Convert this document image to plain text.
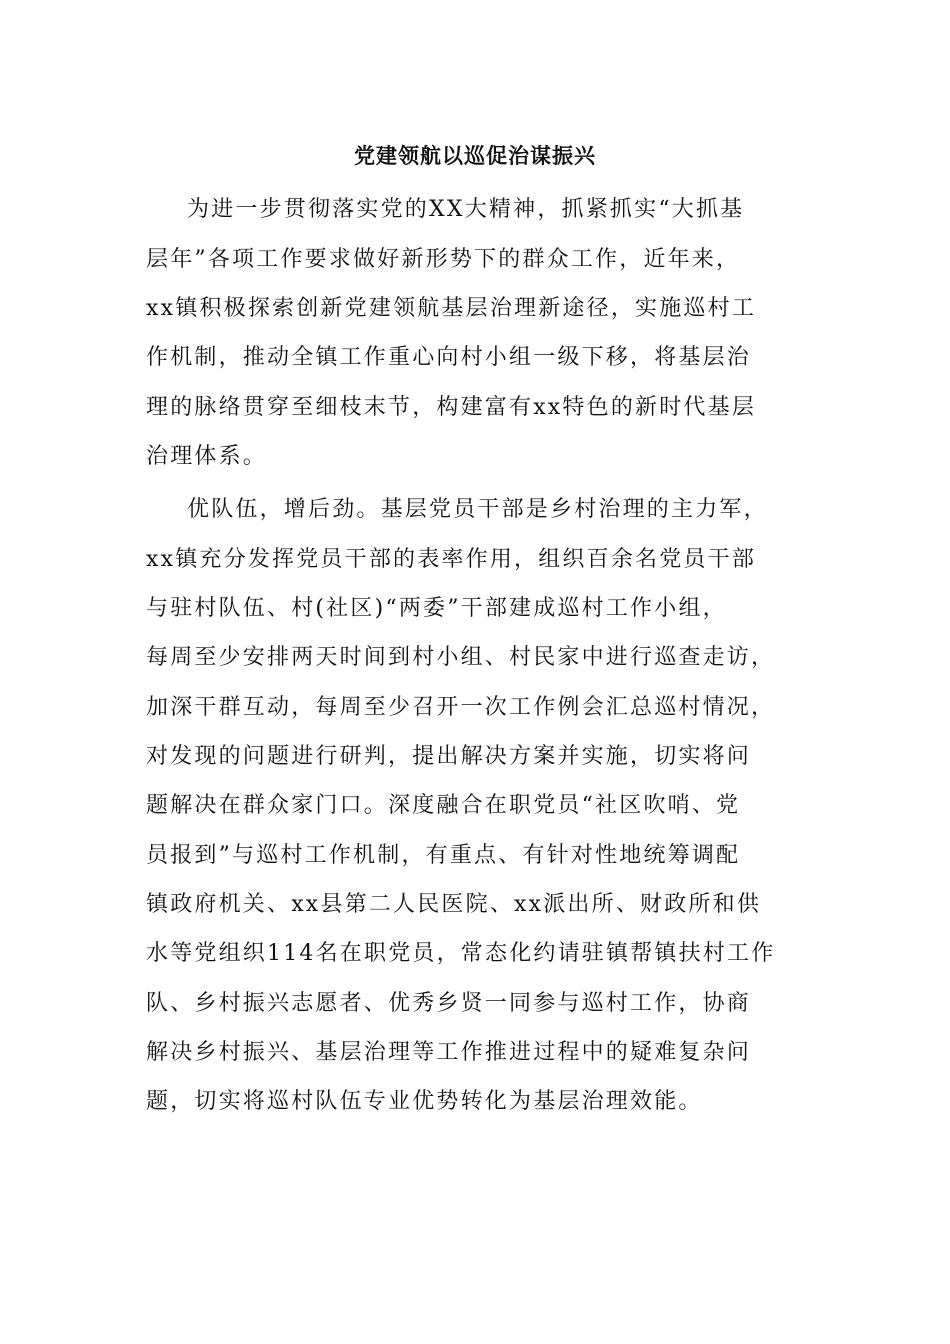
党建领航以巡促治谋振兴
为进一步贯彻落实党的XX大精神，抓紧抓实“大抓基
层年”各项工作要求做好新形势下的群众工作，近年来，
xx镇积极探索创新党建领航基层治理新途径，实施巡村工
作机制，推动全镇工作重心向村小组一级下移，将基层治
理的脉络贯穿至细枝末节，构建富有xx特色的新时代基层
治理体系。
优队伍，增后劲。基层党员干部是乡村治理的主力军，
xx镇充分发挥党员干部的表率作用，组织百余名党员干部
与驻村队伍、村(社区)“两委”干部建成巡村工作小组，
每周至少安排两天时间到村小组、村民家中进行巡查走访，
加深干群互动，每周至少召开一次工作例会汇总巡村情况，
对发现的问题进行研判，提出解决方案并实施，切实将问
题解决在群众家门口。深度融合在职党员“社区吹哨、党
员报到”与巡村工作机制，有重点、有针对性地统筹调配
镇政府机关、xx县第二人民医院、xx派出所、财政所和供
水等党组织114名在职党员，常态化约请驻镇帮镇扶村工作
队、乡村振兴志愿者、优秀乡贤一同参与巡村工作，协商
解决乡村振兴、基层治理等工作推进过程中的疑难复杂问
题，切实将巡村队伍专业优势转化为基层治理效能。
